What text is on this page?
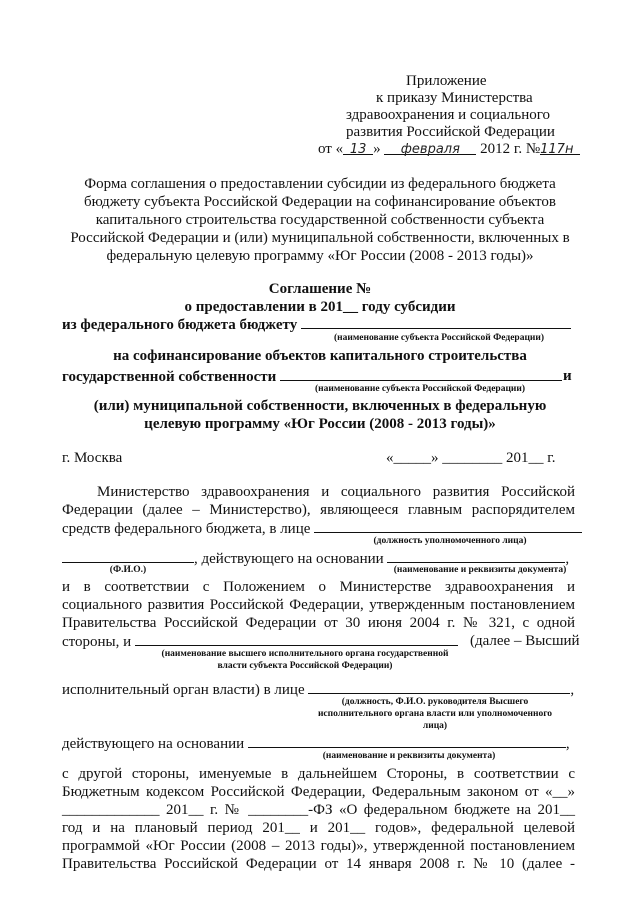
Приложение
к приказу Министерства
здравоохранения и социального
развития Российской Федерации
от « 13 » февраля 2012 г. №117н
Форма соглашения о предоставлении субсидии из федерального бюджета
бюджету субъекта Российской Федерации на софинансирование объектов
капитального строительства государственной собственности субъекта
Российской Федерации и (или) муниципальной собственности, включенных в
федеральную целевую программу «Юг России (2008 - 2013 годы)»
Соглашение №
о предоставлении в 201__ году субсидии
из федерального бюджета бюджету
(наименование субъекта Российской Федерации)
на софинансирование объектов капитального строительства
государственной собственности	и
(наименование субъекта Российской Федерации)
(или) муниципальной собственности, включенных в федеральную
целевую программу «Юг России (2008 - 2013 годы)»
г. Москва	«_____» ________ 201__ г.
Министерство здравоохранения и социального развития Российской
Федерации (далее – Министерство), являющееся главным распорядителем
средств федерального бюджета, в лице
(должность уполномоченного лица)
, действующего на основании	,
(Ф.И.О.)	(наименование и реквизиты документа)
и в соответствии с Положением о Министерстве здравоохранения и
социального развития Российской Федерации, утвержденным постановлением
Правительства Российской Федерации от 30 июня 2004 г. № 321, с одной
стороны, и	(далее – Высший
(наименование высшего исполнительного органа государственной
власти субъекта Российской Федерации)
исполнительный орган власти) в лице	,
(должность, Ф.И.О. руководителя Высшего
исполнительного органа власти или уполномоченного
лица)
действующего на основании	,
(наименование и реквизиты документа)
с другой стороны, именуемые в дальнейшем Стороны, в соответствии с
Бюджетным кодексом Российской Федерации, Федеральным законом от «__»
_____________ 201__ г. № ________-ФЗ «О федеральном бюджете на 201__
год и на плановый период 201__ и 201__ годов», федеральной целевой
программой «Юг России (2008 – 2013 годы)», утвержденной постановлением
Правительства Российской Федерации от 14 января 2008 г. № 10 (далее -
